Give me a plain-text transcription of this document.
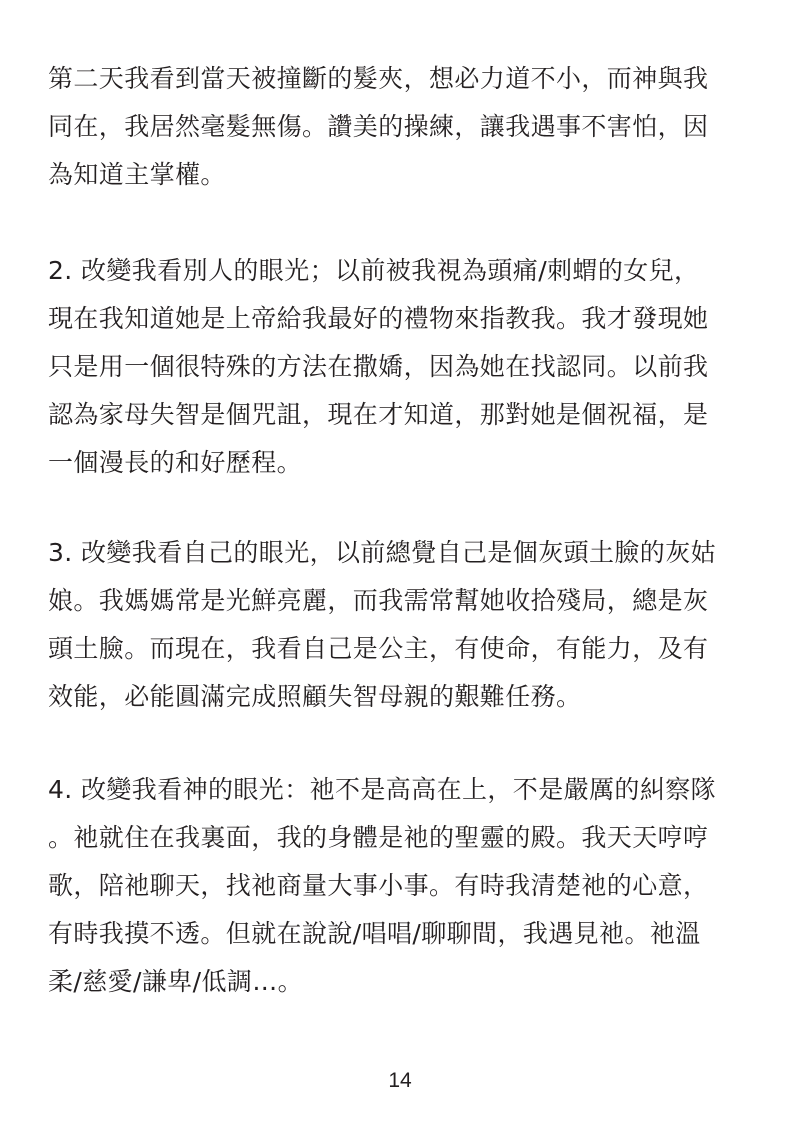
第二天我看到當天被撞斷的髮夾，想必力道不小，而神與我
同在，我居然毫髮無傷。讚美的操練，讓我遇事不害怕，因
為知道主掌權。

2. 改變我看別人的眼光；以前被我視為頭痛/刺蝟的女兒，
現在我知道她是上帝給我最好的禮物來指教我。我才發現她
只是用一個很特殊的方法在撒嬌，因為她在找認同。以前我
認為家母失智是個咒詛，現在才知道，那對她是個祝福，是
一個漫長的和好歷程。

3. 改變我看自己的眼光，以前總覺自己是個灰頭土臉的灰姑
娘。我媽媽常是光鮮亮麗，而我需常幫她收拾殘局，總是灰
頭土臉。而現在，我看自己是公主，有使命，有能力，及有
效能，必能圓滿完成照顧失智母親的艱難任務。

4. 改變我看神的眼光：祂不是高高在上，不是嚴厲的糾察隊
。祂就住在我裏面，我的身體是祂的聖靈的殿。我天天哼哼
歌，陪祂聊天，找祂商量大事小事。有時我清楚祂的心意，
有時我摸不透。但就在說說/唱唱/聊聊間，我遇見祂。祂溫
柔/慈愛/謙卑/低調…。

14
